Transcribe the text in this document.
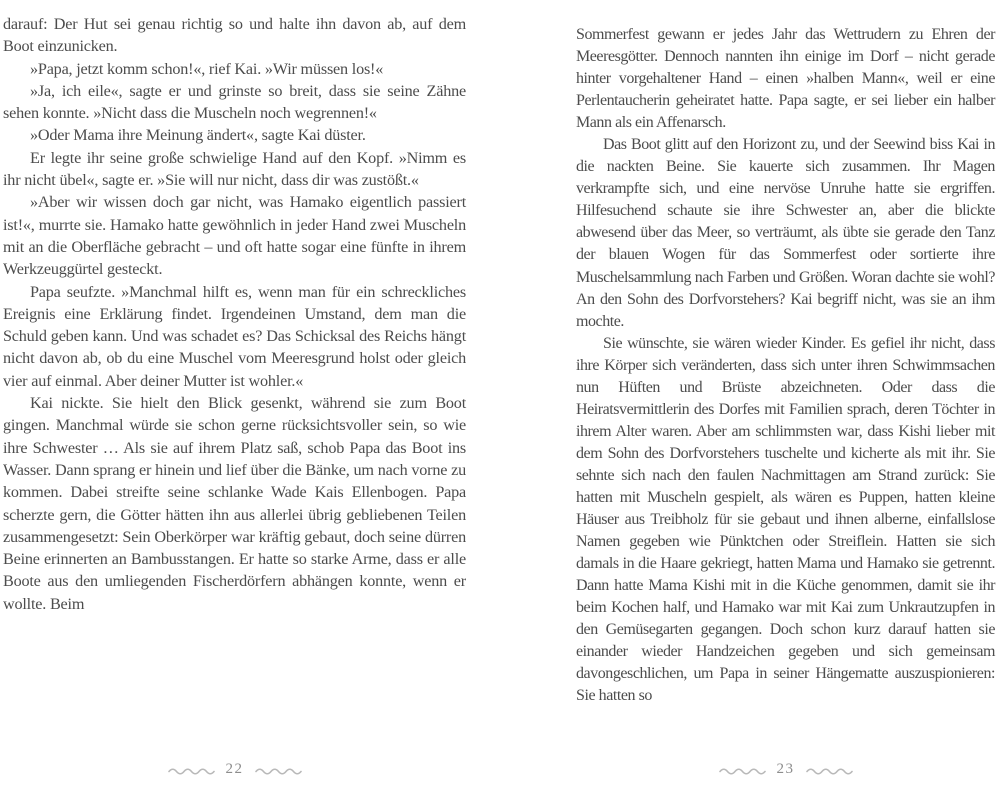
darauf: Der Hut sei genau richtig so und halte ihn davon ab, auf dem Boot einzunicken.

»Papa, jetzt komm schon!«, rief Kai. »Wir müssen los!«

»Ja, ich eile«, sagte er und grinste so breit, dass sie seine Zähne sehen konnte. »Nicht dass die Muscheln noch wegrennen!«

»Oder Mama ihre Meinung ändert«, sagte Kai düster.

Er legte ihr seine große schwielige Hand auf den Kopf. »Nimm es ihr nicht übel«, sagte er. »Sie will nur nicht, dass dir was zustößt.«

»Aber wir wissen doch gar nicht, was Hamako eigentlich passiert ist!«, murrte sie. Hamako hatte gewöhnlich in jeder Hand zwei Muscheln mit an die Oberfläche gebracht – und oft hatte sogar eine fünfte in ihrem Werkzeuggürtel gesteckt.

Papa seufzte. »Manchmal hilft es, wenn man für ein schreckliches Ereignis eine Erklärung findet. Irgendeinen Umstand, dem man die Schuld geben kann. Und was schadet es? Das Schicksal des Reichs hängt nicht davon ab, ob du eine Muschel vom Meeresgrund holst oder gleich vier auf einmal. Aber deiner Mutter ist wohler.«

Kai nickte. Sie hielt den Blick gesenkt, während sie zum Boot gingen. Manchmal würde sie schon gerne rücksichtsvoller sein, so wie ihre Schwester … Als sie auf ihrem Platz saß, schob Papa das Boot ins Wasser. Dann sprang er hinein und lief über die Bänke, um nach vorne zu kommen. Dabei streifte seine schlanke Wade Kais Ellenbogen. Papa scherzte gern, die Götter hätten ihn aus allerlei übrig gebliebenen Teilen zusammengesetzt: Sein Oberkörper war kräftig gebaut, doch seine dürren Beine erinnerten an Bambusstangen. Er hatte so starke Arme, dass er alle Boote aus den umliegenden Fischerdörfern abhängen konnte, wenn er wollte. Beim

22

Sommerfest gewann er jedes Jahr das Wettrudern zu Ehren der Meeresgötter. Dennoch nannten ihn einige im Dorf – nicht gerade hinter vorgehaltener Hand – einen »halben Mann«, weil er eine Perlentaucherin geheiratet hatte. Papa sagte, er sei lieber ein halber Mann als ein Affenarsch.

Das Boot glitt auf den Horizont zu, und der Seewind biss Kai in die nackten Beine. Sie kauerte sich zusammen. Ihr Magen verkrampfte sich, und eine nervöse Unruhe hatte sie ergriffen. Hilfesuchend schaute sie ihre Schwester an, aber die blickte abwesend über das Meer, so verträumt, als übte sie gerade den Tanz der blauen Wogen für das Sommerfest oder sortierte ihre Muschelsammlung nach Farben und Größen. Woran dachte sie wohl? An den Sohn des Dorfvorstehers? Kai begriff nicht, was sie an ihm mochte.

Sie wünschte, sie wären wieder Kinder. Es gefiel ihr nicht, dass ihre Körper sich veränderten, dass sich unter ihren Schwimmsachen nun Hüften und Brüste abzeichneten. Oder dass die Heiratsvermittlerin des Dorfes mit Familien sprach, deren Töchter in ihrem Alter waren. Aber am schlimmsten war, dass Kishi lieber mit dem Sohn des Dorfvorstehers tuschelte und kicherte als mit ihr. Sie sehnte sich nach den faulen Nachmittagen am Strand zurück: Sie hatten mit Muscheln gespielt, als wären es Puppen, hatten kleine Häuser aus Treibholz für sie gebaut und ihnen alberne, einfallslose Namen gegeben wie Pünktchen oder Streiflein. Hatten sie sich damals in die Haare gekriegt, hatten Mama und Hamako sie getrennt. Dann hatte Mama Kishi mit in die Küche genommen, damit sie ihr beim Kochen half, und Hamako war mit Kai zum Unkrautzupfen in den Gemüsegarten gegangen. Doch schon kurz darauf hatten sie einander wieder Handzeichen gegeben und sich gemeinsam davongeschlichen, um Papa in seiner Hängematte auszuspionieren: Sie hatten so

23
